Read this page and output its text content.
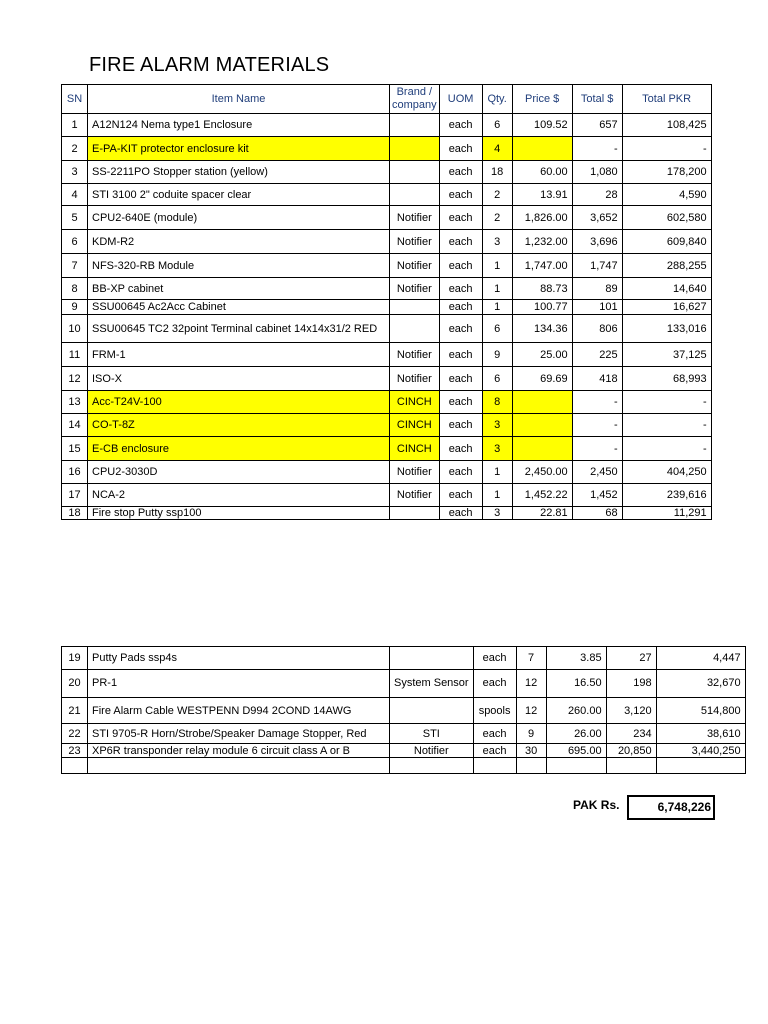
FIRE ALARM MATERIALS
SN	Item Name	Brand / company	UOM	Qty.	Price $	Total $	Total PKR
1	A12N124 Nema type1 Enclosure		each	6	109.52	657	108,425
2	E-PA-KIT protector enclosure kit		each	4		-	-
3	SS-2211PO Stopper station (yellow)		each	18	60.00	1,080	178,200
4	STI 3100 2" coduite spacer clear		each	2	13.91	28	4,590
5	CPU2-640E (module)	Notifier	each	2	1,826.00	3,652	602,580
6	KDM-R2	Notifier	each	3	1,232.00	3,696	609,840
7	NFS-320-RB Module	Notifier	each	1	1,747.00	1,747	288,255
8	BB-XP cabinet	Notifier	each	1	88.73	89	14,640
9	SSU00645 Ac2Acc Cabinet		each	1	100.77	101	16,627
10	SSU00645 TC2 32point Terminal cabinet 14x14x31/2 RED		each	6	134.36	806	133,016
11	FRM-1	Notifier	each	9	25.00	225	37,125
12	ISO-X	Notifier	each	6	69.69	418	68,993
13	Acc-T24V-100	CINCH	each	8		-	-
14	CO-T-8Z	CINCH	each	3		-	-
15	E-CB enclosure	CINCH	each	3		-	-
16	CPU2-3030D	Notifier	each	1	2,450.00	2,450	404,250
17	NCA-2	Notifier	each	1	1,452.22	1,452	239,616
18	Fire stop Putty ssp100		each	3	22.81	68	11,291
19	Putty Pads ssp4s		each	7	3.85	27	4,447
20	PR-1	System Sensor	each	12	16.50	198	32,670
21	Fire Alarm Cable WESTPENN D994 2COND 14AWG		spools	12	260.00	3,120	514,800
22	STI 9705-R Horn/Strobe/Speaker Damage Stopper, Red	STI	each	9	26.00	234	38,610
23	XP6R transponder relay module 6 circuit class A or B	Notifier	each	30	695.00	20,850	3,440,250

PAK Rs.	6,748,226
